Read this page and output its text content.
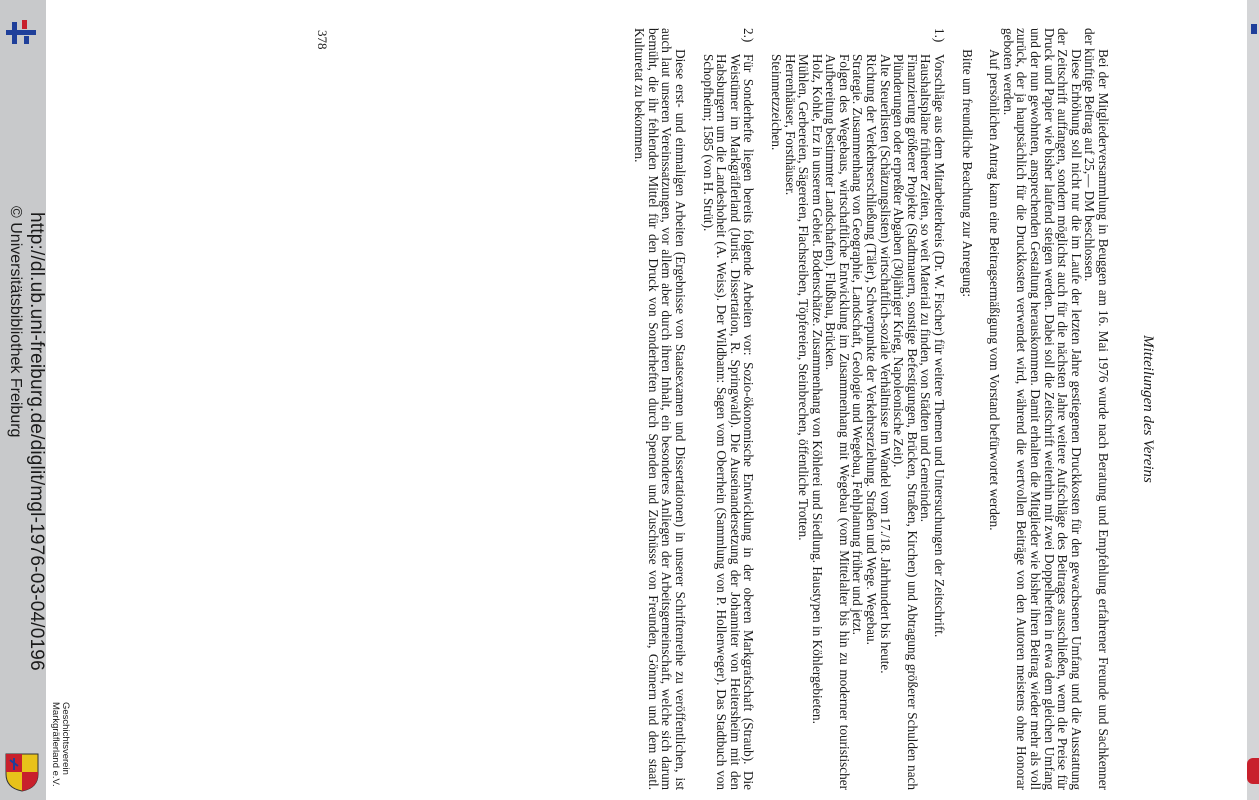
Mitteilungen des Vereins

Bei der Mitgliederversammlung in Beuggen am 16. Mai 1976 wurde nach Beratung und Empfehlung erfahrener Freunde und Sachkenner der künftige Beitrag auf 25,— DM beschlossen.

Diese Erhöhung soll nicht nur die im Laufe der letzten Jahre gestiegenen Druckkosten für den gewachsenen Umfang und die Ausstattung der Zeitschrift auffangen, sondern möglichst auch für die nächsten Jahre weitere Aufschläge des Beitrages ausschließen, wenn die Preise für Druck und Papier wie bisher laufend steigen werden. Dabei soll die Zeitschrift weiterhin mit zwei Doppelheften in etwa dem gleichen Umfang und der nun gewohnten, ansprechenden Gestaltung herauskommen. Damit erhalten die Mitglieder wie bisher ihren Beitrag wieder mehr als voll zurück, der ja hauptsächlich für die Druckkosten verwendet wird, während die wertvollen Beiträge von den Autoren meistens ohne Honorar geboten werden.

Auf persönlichen Antrag kann eine Beitragsermäßigung vom Vorstand befürwortet werden.

Bitte um freundliche Beachtung zur Anregung:

1.)

Vorschläge aus dem Mitarbeiterkreis (Dr. W. Fischer) für weitere Themen und Untersuchungen der Zeitschrift.

Haushaltspläne früherer Zeiten, so weit Material zu finden, von Städten und Gemeinden.

Finanzierung größerer Projekte (Stadtmauern, sonstige Befestigungen, Brücken, Straßen, Kirchen) und Abtragung größerer Schulden nach Plünderungen oder erpreßter Abgaben (30jähriger Krieg, Napoleonische Zeit).

Alte Steuerlisten (Schätzungslisten) wirtschaftlich-soziale Verhältnisse im Wandel vom 17./18. Jahrhundert bis heute.

Richtung der Verkehrserschließung (Täler), Schwerpunkte der Verkehrserziehung. Straßen und Wege. Wegebau.

Strategie. Zusammenhang von Geographie, Landschaft, Geologie und Wegebau, Fehlplanung früher und jetzt.

Folgen des Wegebaus, wirtschaftliche Entwicklung im Zusammenhang mit Wegebau (vom Mittelalter bis hin zu moderner touristischer Aufbereitung bestimmter Landschaften). Flußbau, Brücken.

Holz, Kohle, Erz in unserem Gebiet. Bodenschätze. Zusammenhang von Köhlerei und Siedlung. Haustypen in Köhlergebieten.

Mühlen, Gerbereien, Sägereien, Flachsreiben, Töpfereien, Steinbrechen, öffentliche Trotten.

Herrenhäuser, Forsthäuser.

Steinmetzzeichen.

2.)

Für Sonderhefte liegen bereits folgende Arbeiten vor: Sozio-ökonomische Entwicklung in der oberen Markgrafschaft (Straub). Die Weistümer im Markgräflerland (Jurist. Dissertation, R. Springwald). Die Auseinandersetzung der Johanniter von Heitersheim mit den Habsburgern um die Landeshoheit (A. Weiss). Der Wildbann: Sagen vom Oberrhein (Sammlung von P. Hollenweger). Das Stadtbuch von Schopfheim; 1585 (von H. Strüt).

Diese erst- und einmaligen Arbeiten (Ergebnisse von Staatsexamen und Dissertationen) in unserer Schriftenreihe zu veröffentlichen, ist auch laut unseren Vereinssatzungen, vor allem aber durch ihren Inhalt, ein besonderes Anliegen der Arbeitsgemeinschaft, welche sich darum bemüht, die ihr fehlenden Mittel für den Druck von Sonderheften durch Spenden und Zuschüsse von Freunden, Gönnern und dem staatl. Kulturetat zu bekommen.

378
http://dl.ub.uni-freiburg.de/diglit/mgl-1976-03-04/0196
© Universitätsbibliothek Freiburg
Geschichtsverein
Markgräflerland e.V.
